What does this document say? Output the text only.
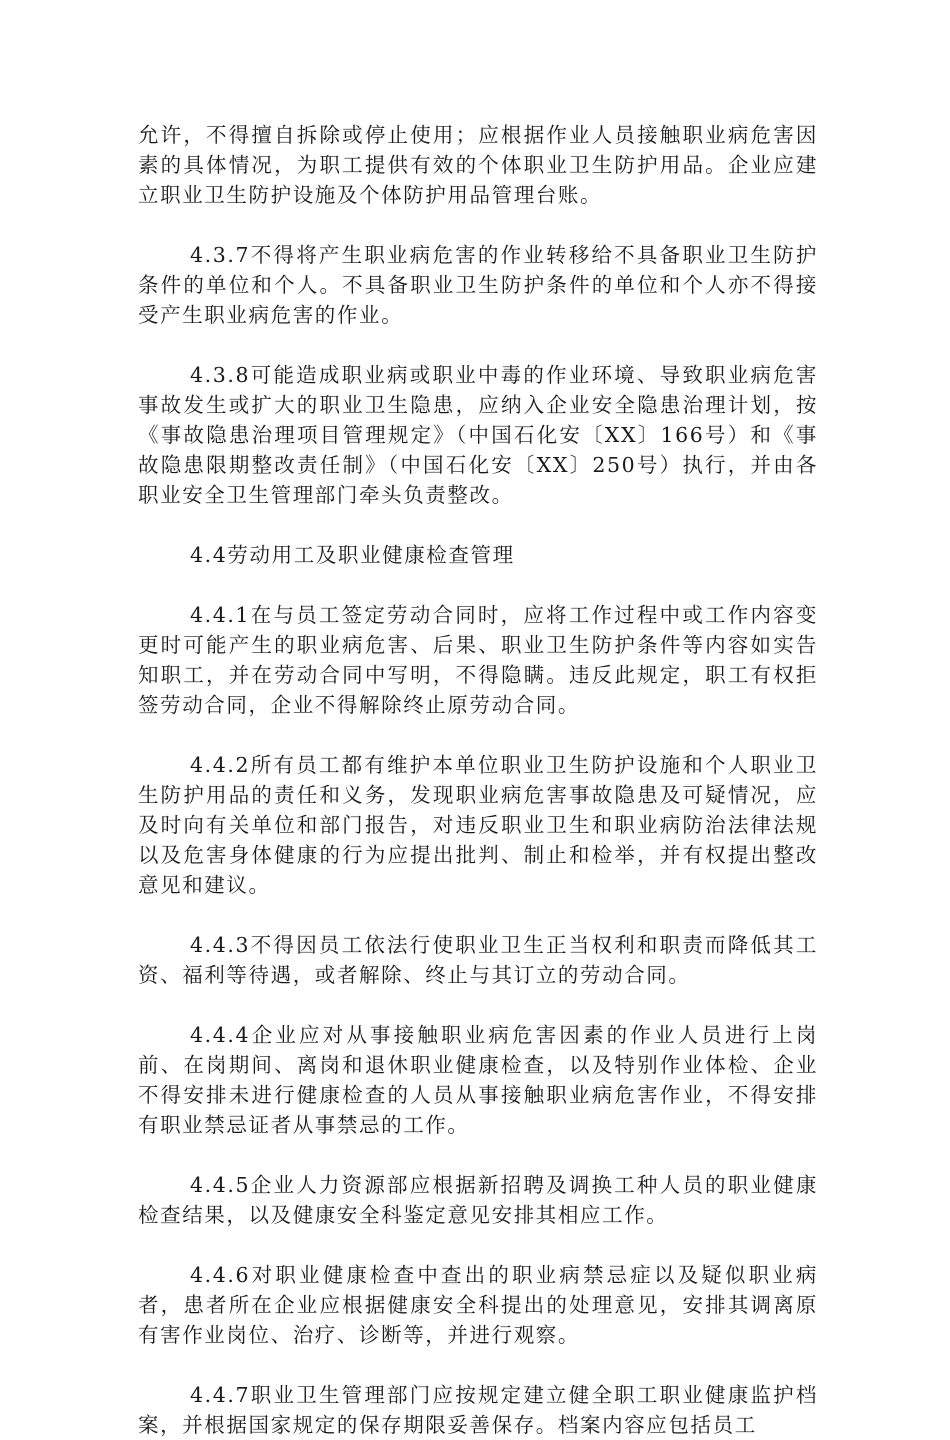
允许，不得擅自拆除或停止使用；应根据作业人员接触职业病危害因素的具体情况，为职工提供有效的个体职业卫生防护用品。企业应建立职业卫生防护设施及个体防护用品管理台账。

4.3.7不得将产生职业病危害的作业转移给不具备职业卫生防护条件的单位和个人。不具备职业卫生防护条件的单位和个人亦不得接受产生职业病危害的作业。

4.3.8可能造成职业病或职业中毒的作业环境、导致职业病危害事故发生或扩大的职业卫生隐患，应纳入企业安全隐患治理计划，按《事故隐患治理项目管理规定》（中国石化安〔XX〕166号）和《事故隐患限期整改责任制》（中国石化安〔XX〕250号）执行，并由各职业安全卫生管理部门牵头负责整改。

4.4劳动用工及职业健康检查管理

4.4.1在与员工签定劳动合同时，应将工作过程中或工作内容变更时可能产生的职业病危害、后果、职业卫生防护条件等内容如实告知职工，并在劳动合同中写明，不得隐瞒。违反此规定，职工有权拒签劳动合同，企业不得解除终止原劳动合同。

4.4.2所有员工都有维护本单位职业卫生防护设施和个人职业卫生防护用品的责任和义务，发现职业病危害事故隐患及可疑情况，应及时向有关单位和部门报告，对违反职业卫生和职业病防治法律法规以及危害身体健康的行为应提出批判、制止和检举，并有权提出整改意见和建议。

4.4.3不得因员工依法行使职业卫生正当权利和职责而降低其工资、福利等待遇，或者解除、终止与其订立的劳动合同。

4.4.4企业应对从事接触职业病危害因素的作业人员进行上岗前、在岗期间、离岗和退休职业健康检查，以及特别作业体检、企业不得安排未进行健康检查的人员从事接触职业病危害作业，不得安排有职业禁忌证者从事禁忌的工作。

4.4.5企业人力资源部应根据新招聘及调换工种人员的职业健康检查结果，以及健康安全科鉴定意见安排其相应工作。

4.4.6对职业健康检查中查出的职业病禁忌症以及疑似职业病者，患者所在企业应根据健康安全科提出的处理意见，安排其调离原有害作业岗位、治疗、诊断等，并进行观察。

4.4.7职业卫生管理部门应按规定建立健全职工职业健康监护档案，并根据国家规定的保存期限妥善保存。档案内容应包括员工
